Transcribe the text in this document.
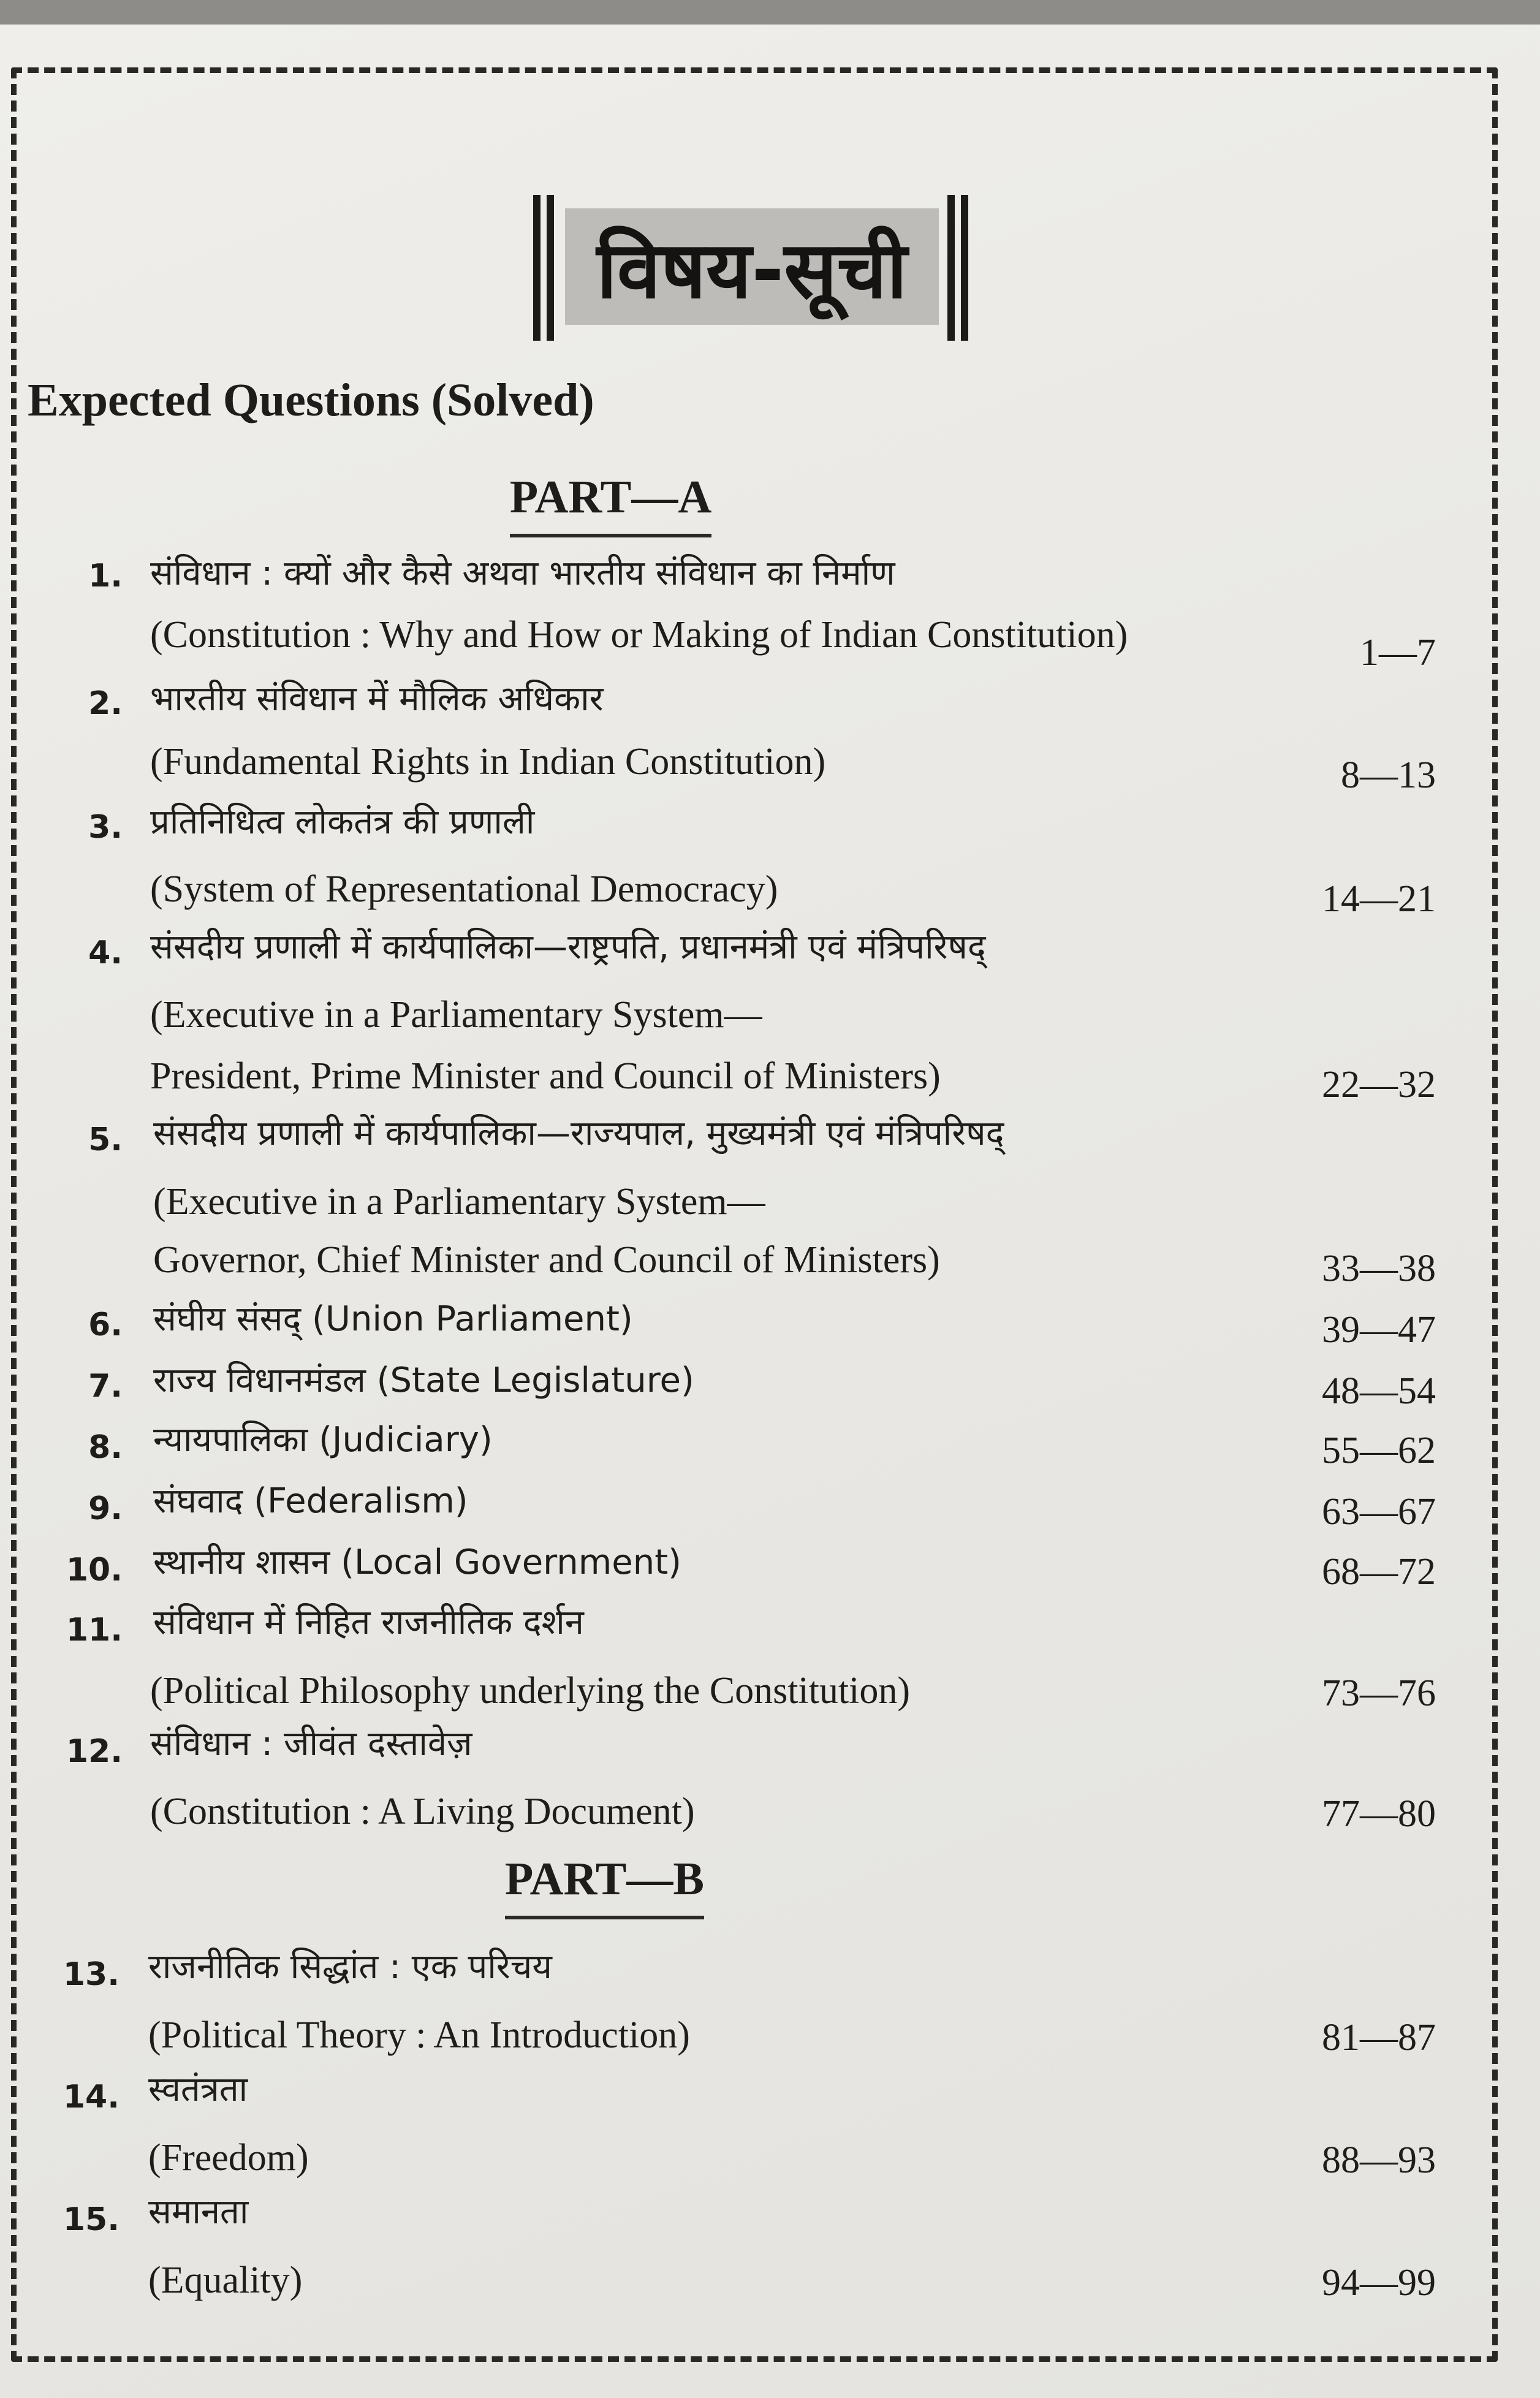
विषय-सूची
Expected Questions (Solved)
PART—A
PART—B
1. संविधान : क्यों और कैसे अथवा भारतीय संविधान का निर्माण
(Constitution : Why and How or Making of Indian Constitution)	1—7
2. भारतीय संविधान में मौलिक अधिकार
(Fundamental Rights in Indian Constitution)	8—13
3. प्रतिनिधित्व लोकतंत्र की प्रणाली
(System of Representational Democracy)	14—21
4. संसदीय प्रणाली में कार्यपालिका—राष्ट्रपति, प्रधानमंत्री एवं मंत्रिपरिषद्
(Executive in a Parliamentary System—
President, Prime Minister and Council of Ministers)	22—32
5. संसदीय प्रणाली में कार्यपालिका—राज्यपाल, मुख्यमंत्री एवं मंत्रिपरिषद्
(Executive in a Parliamentary System—
Governor, Chief Minister and Council of Ministers)	33—38
6. संघीय संसद् (Union Parliament)	39—47
7. राज्य विधानमंडल (State Legislature)	48—54
8. न्यायपालिका (Judiciary)	55—62
9. संघवाद (Federalism)	63—67
10. स्थानीय शासन (Local Government)	68—72
11. संविधान में निहित राजनीतिक दर्शन
(Political Philosophy underlying the Constitution)	73—76
12. संविधान : जीवंत दस्तावेज़
(Constitution : A Living Document)	77—80
13. राजनीतिक सिद्धांत : एक परिचय
(Political Theory : An Introduction)	81—87
14. स्वतंत्रता
(Freedom)	88—93
15. समानता
(Equality)	94—99
